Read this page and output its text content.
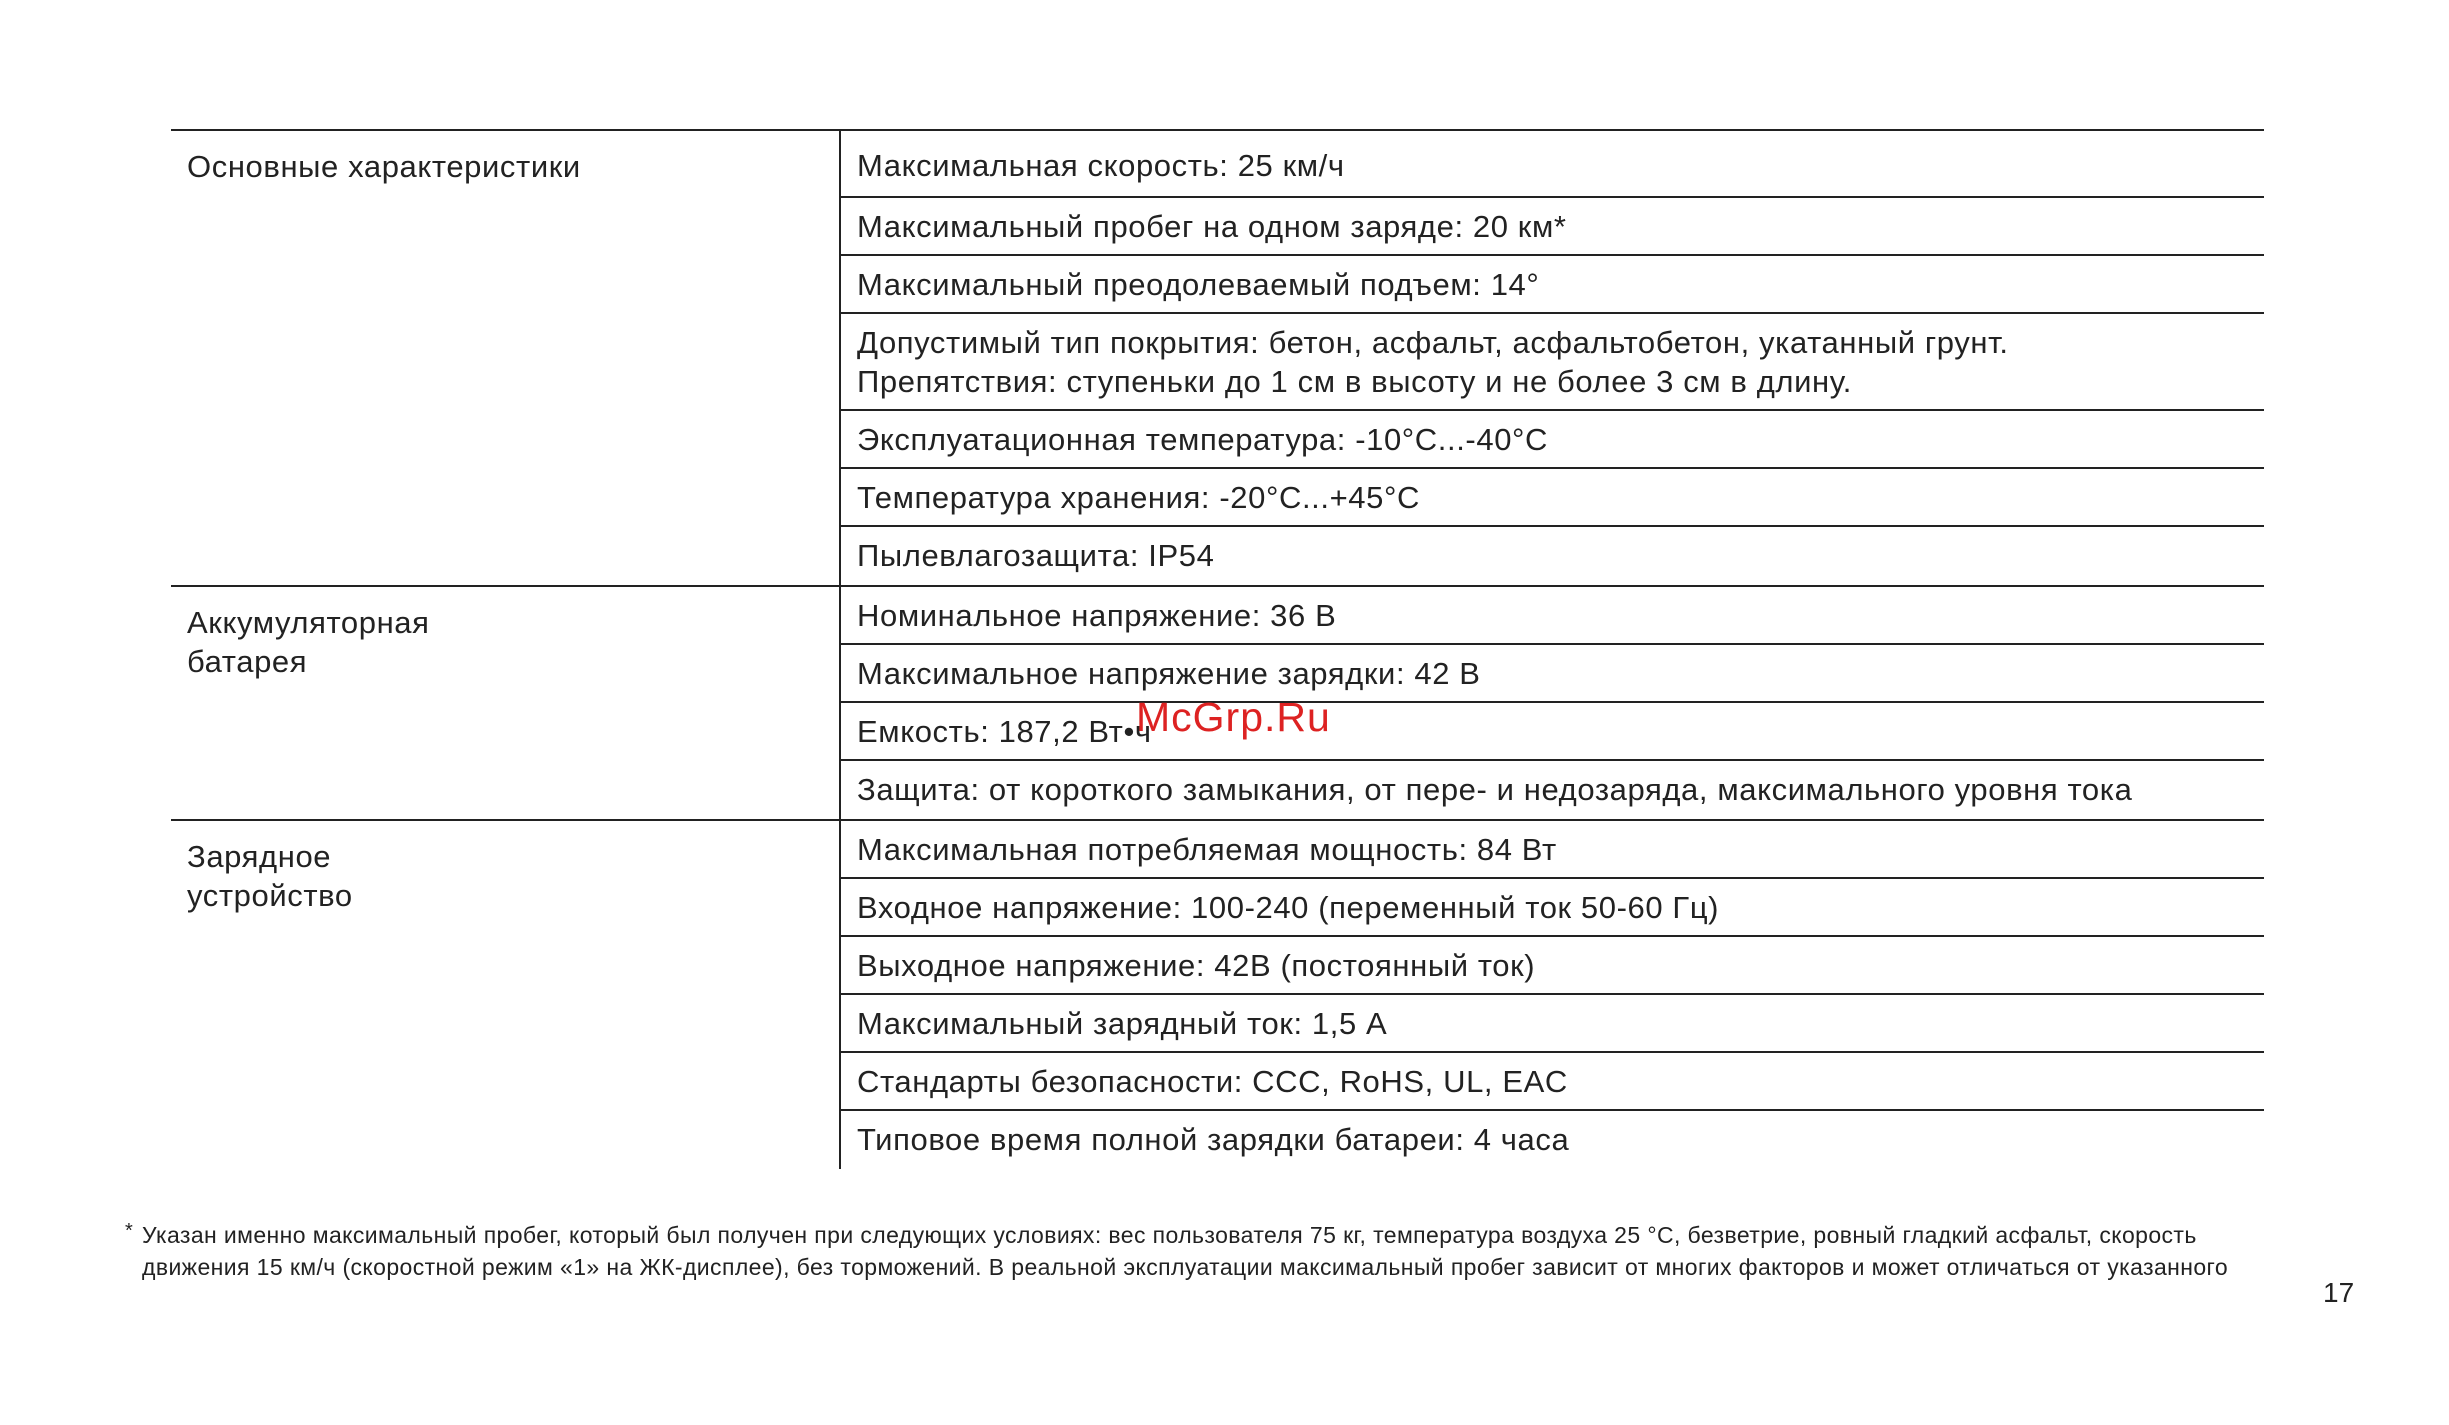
Основные характеристики	Максимальная скорость: 25 км/ч
Максимальный пробег на одном заряде: 20 км*
Максимальный преодолеваемый подъем: 14°
Допустимый тип покрытия: бетон, асфальт, асфальтобетон, укатанный грунт.
Препятствия: ступеньки до 1 см в высоту и не более 3 см в длину.
Эксплуатационная температура: -10°C...-40°C
Температура хранения: -20°C...+45°C
Пылевлагозащита: IP54
Аккумуляторная
батарея
Номинальное напряжение: 36 В
Максимальное напряжение зарядки: 42 В
Емкость: 187,2 Вт•ч
Защита: от короткого замыкания, от пере- и недозаряда, максимального уровня тока
Зарядное
устройство
Максимальная потребляемая мощность: 84 Вт
Входное напряжение: 100-240 (переменный ток 50-60 Гц)
Выходное напряжение: 42В (постоянный ток)
Максимальный зарядный ток: 1,5 А
Стандарты безопасности: CCC, RoHS, UL, EAC
Типовое время полной зарядки батареи: 4 часа
McGrp.Ru
* Указан именно максимальный пробег, который был получен при следующих условиях: вес пользователя 75 кг, температура воздуха 25 °C, безветрие, ровный гладкий асфальт, скорость движения 15 км/ч (скоростной режим «1» на ЖК-дисплее), без торможений. В реальной эксплуатации максимальный пробег зависит от многих факторов и может отличаться от указанного
17
